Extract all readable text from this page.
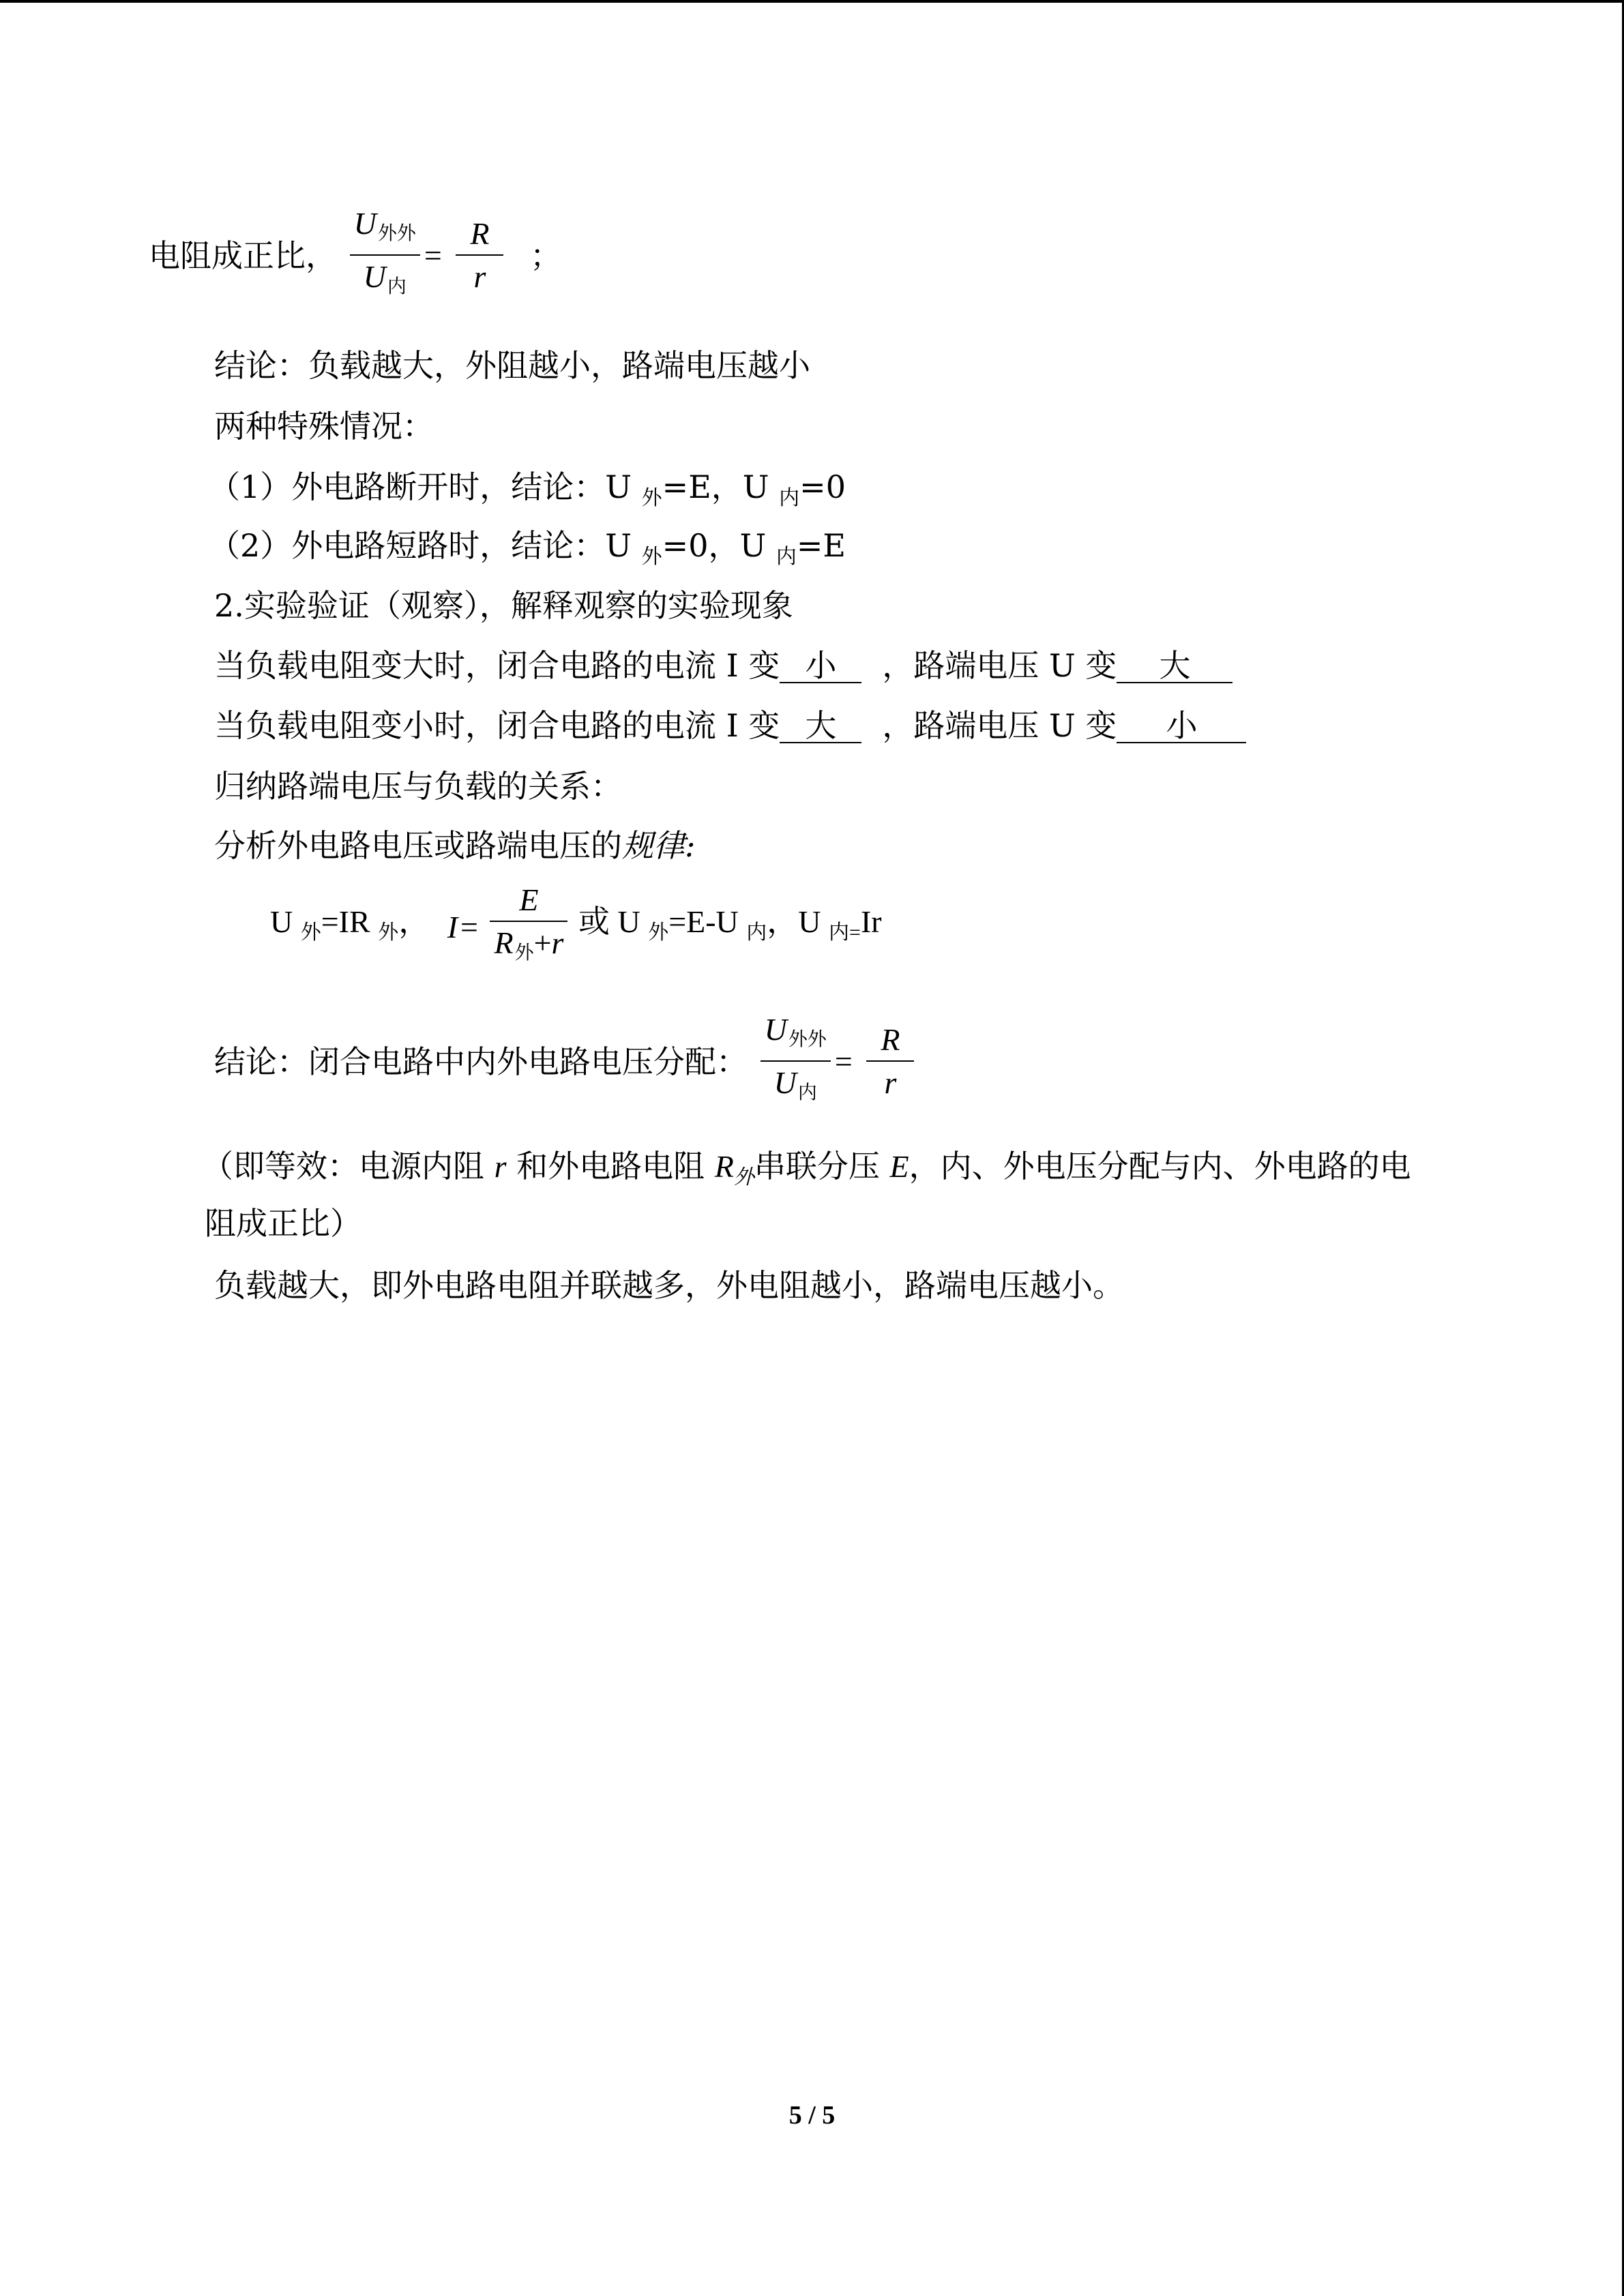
电阻成正比， $\frac{U_{外外}}{U_内} = \frac{R}{r}$ ；
结论：负载越大，外阻越小，路端电压越小
两种特殊情况：
（1）外电路断开时，结论：U $_外$=E，U $_内$=0
（2）外电路短路时，结论：U $_外$=0，U $_内$=E
2.实验验证（观察），解释观察的实验现象
当负载电阻变大时，闭合电路的电流 I 变 小 ，路端电压 U 变 大
当负载电阻变小时，闭合电路的电流 I 变 大 ，路端电压 U 变 小
归纳路端电压与负载的关系：
分析外电路电压或路端电压的规律:
U $_外$=IR $_外$， $I= \frac{E}{R_外+r}$ 或 U $_外$=E-U $_内$，U $_{内=}$Ir
结论：闭合电路中内外电路电压分配： $\frac{U_{外外}}{U_内} = \frac{R}{r}$
（即等效：电源内阻 r 和外电路电阻 $R_外$串联分压 E，内、外电压分配与内、外电路的电
阻成正比）
负载越大，即外电路电阻并联越多，外电阻越小，路端电压越小。
5 / 5
